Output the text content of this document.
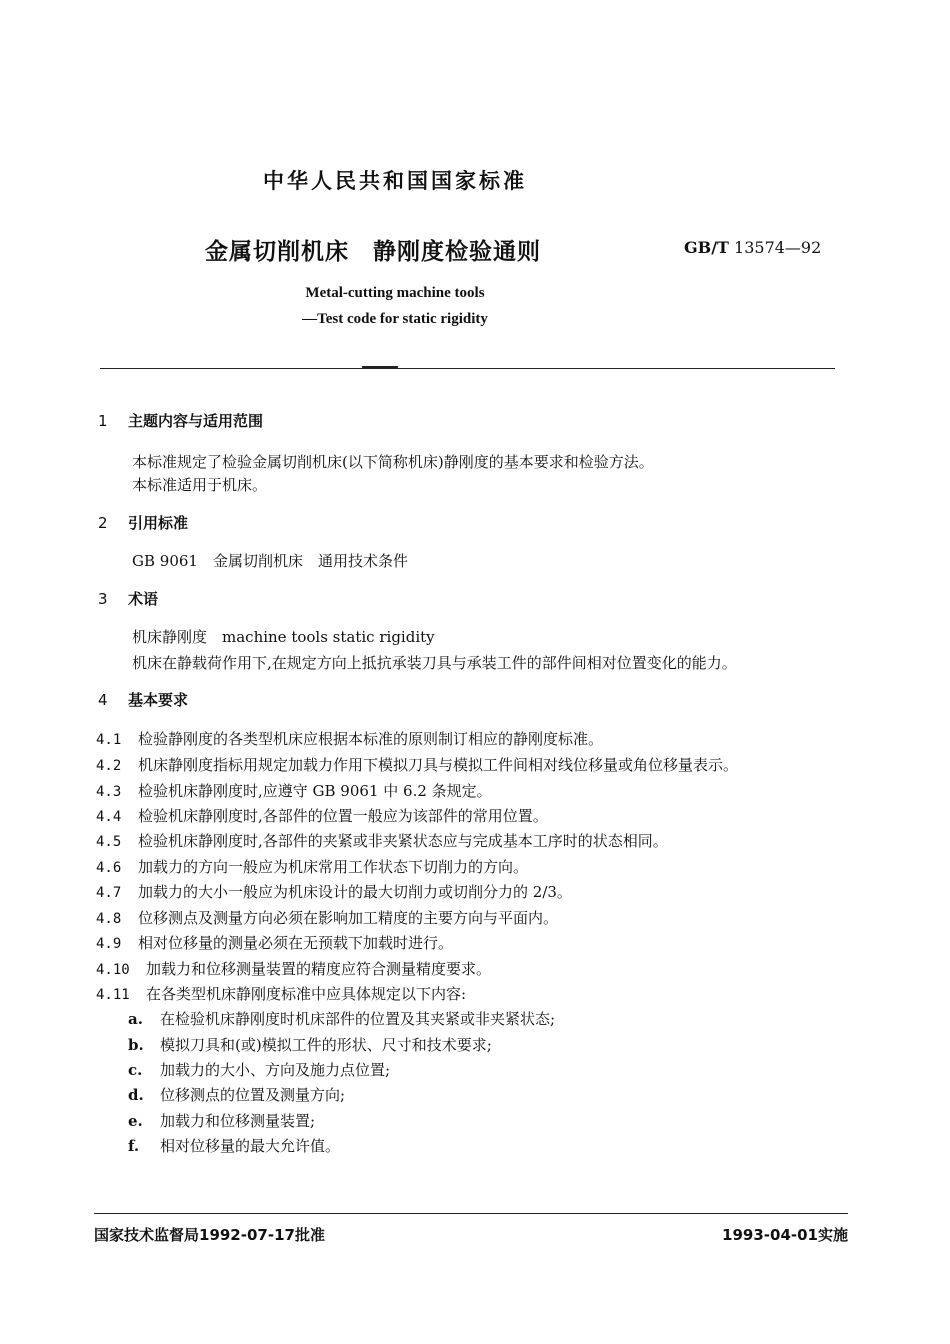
中华人民共和国国家标准
金属切削机床　静刚度检验通则	GB/T 13574—92
Metal-cutting machine tools
—Test code for static rigidity
1 主题内容与适用范围
本标准规定了检验金属切削机床(以下简称机床)静刚度的基本要求和检验方法。
本标准适用于机床。
2 引用标准
GB 9061　金属切削机床　通用技术条件
3 术语
机床静刚度　machine tools static rigidity
机床在静载荷作用下,在规定方向上抵抗承装刀具与承装工件的部件间相对位置变化的能力。
4 基本要求
4.1 检验静刚度的各类型机床应根据本标准的原则制订相应的静刚度标准。
4.2 机床静刚度指标用规定加载力作用下模拟刀具与模拟工件间相对线位移量或角位移量表示。
4.3 检验机床静刚度时,应遵守 GB 9061 中 6.2 条规定。
4.4 检验机床静刚度时,各部件的位置一般应为该部件的常用位置。
4.5 检验机床静刚度时,各部件的夹紧或非夹紧状态应与完成基本工序时的状态相同。
4.6 加载力的方向一般应为机床常用工作状态下切削力的方向。
4.7 加载力的大小一般应为机床设计的最大切削力或切削分力的 2/3。
4.8 位移测点及测量方向必须在影响加工精度的主要方向与平面内。
4.9 相对位移量的测量必须在无预载下加载时进行。
4.10 加载力和位移测量装置的精度应符合测量精度要求。
4.11 在各类型机床静刚度标准中应具体规定以下内容:
a. 在检验机床静刚度时机床部件的位置及其夹紧或非夹紧状态;
b. 模拟刀具和(或)模拟工件的形状、尺寸和技术要求;
c. 加载力的大小、方向及施力点位置;
d. 位移测点的位置及测量方向;
e. 加载力和位移测量装置;
f. 相对位移量的最大允许值。
国家技术监督局1992-07-17批准	1993-04-01实施
